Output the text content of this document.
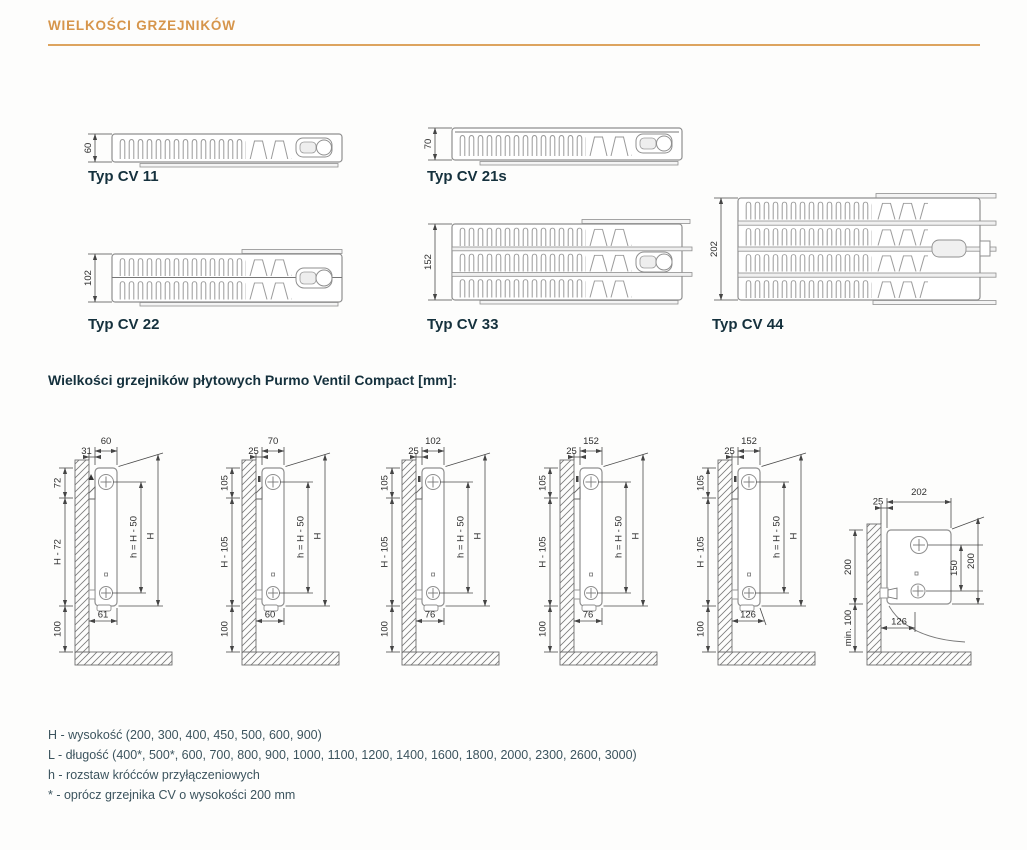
WIELKOŚCI GRZEJNIKÓW
60
Typ CV 11
70
Typ CV 21s
102
Typ CV 22
152
Typ CV 33
202
Typ CV 44
Wielkości grzejników płytowych Purmo Ventil Compact [mm]:
60
31
72
H - 72
100
h = H - 50 H
61
70
25
105
H - 105
100
h = H - 50 H
60
102
25
105
H - 105
100
h = H - 50 H
76
152
25
105
H - 105
100
h = H - 50 H
76
152
25
105
H - 105
100
h = H - 50 H
126
202
25
200
min. 100
150 200
126

H - wysokość (200, 300, 400, 450, 500, 600, 900)

L - długość (400*, 500*, 600, 700, 800, 900, 1000, 1100, 1200, 1400, 1600, 1800, 2000, 2300, 2600, 3000)

h - rozstaw króćców przyłączeniowych

* - oprócz grzejnika CV o wysokości 200 mm
